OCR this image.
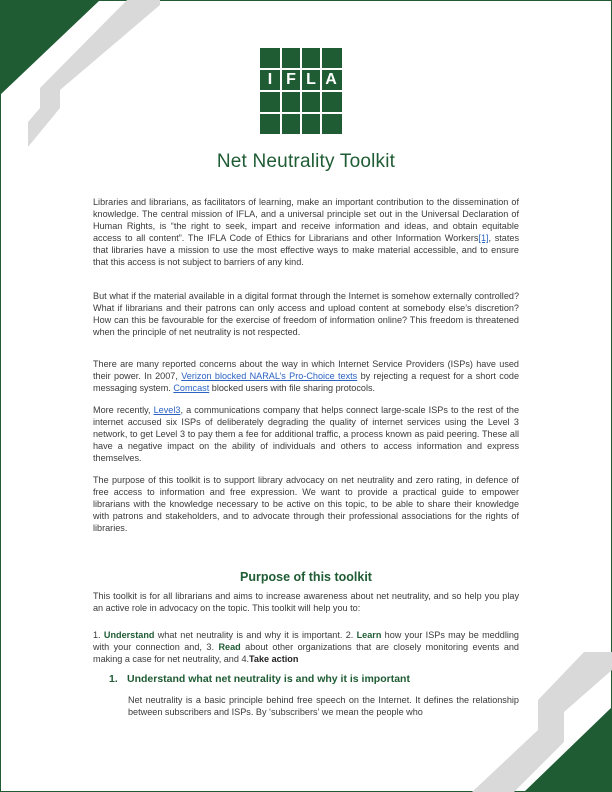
I F L A
Net Neutrality Toolkit

Libraries and librarians, as facilitators of learning, make an important contribution to the dissemination of knowledge. The central mission of IFLA, and a universal principle set out in the Universal Declaration of Human Rights, is “the right to seek, impart and receive information and ideas, and obtain equitable access to all content”. The IFLA Code of Ethics for Librarians and other Information Workers[1], states that libraries have a mission to use the most effective ways to make material accessible, and to ensure that this access is not subject to barriers of any kind.

But what if the material available in a digital format through the Internet is somehow externally controlled? What if librarians and their patrons can only access and upload content at somebody else’s discretion? How can this be favourable for the exercise of freedom of information online? This freedom is threatened when the principle of net neutrality is not respected.

There are many reported concerns about the way in which Internet Service Providers (ISPs) have used their power. In 2007, Verizon blocked NARAL’s Pro-Choice texts by rejecting a request for a short code messaging system. Comcast blocked users with file sharing protocols.

More recently, Level3, a communications company that helps connect large-scale ISPs to the rest of the internet accused six ISPs of deliberately degrading the quality of internet services using the Level 3 network, to get Level 3 to pay them a fee for additional traffic, a process known as paid peering. These all have a negative impact on the ability of individuals and others to access information and express themselves.

The purpose of this toolkit is to support library advocacy on net neutrality and zero rating, in defence of free access to information and free expression. We want to provide a practical guide to empower librarians with the knowledge necessary to be active on this topic, to be able to share their knowledge with patrons and stakeholders, and to advocate through their professional associations for the rights of libraries.

Purpose of this toolkit

This toolkit is for all librarians and aims to increase awareness about net neutrality, and so help you play an active role in advocacy on the topic. This toolkit will help you to:

1. Understand what net neutrality is and why it is important. 2. Learn how your ISPs may be meddling with your connection and, 3. Read about other organizations that are closely monitoring events and making a case for net neutrality, and 4.Take action

1. Understand what net neutrality is and why it is important

Net neutrality is a basic principle behind free speech on the Internet. It defines the relationship between subscribers and ISPs. By ‘subscribers’ we mean the people who
